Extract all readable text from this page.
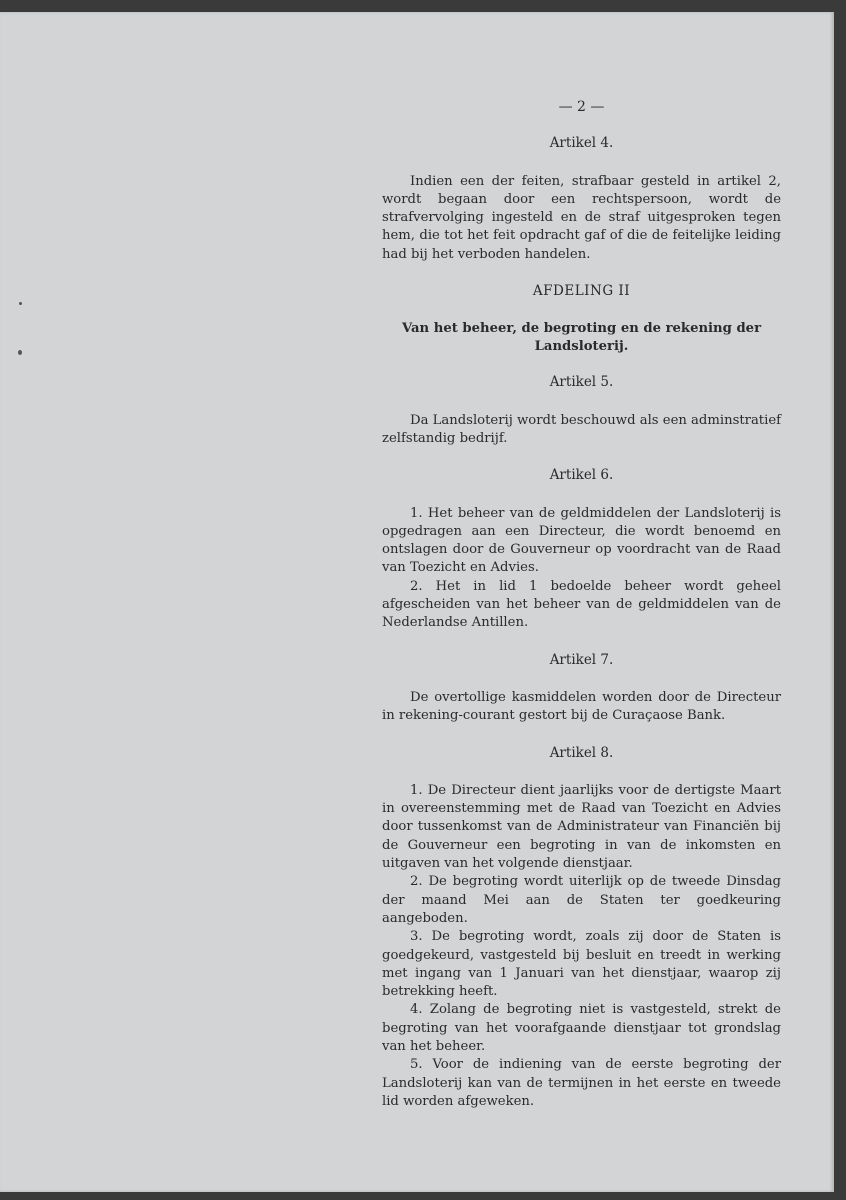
— 2 —
Artikel 4.

Indien een der feiten, strafbaar gesteld in artikel 2, wordt begaan door een rechtspersoon, wordt de strafvervolging ingesteld en de straf uitgesproken tegen hem, die tot het feit opdracht gaf of die de feitelijke leiding had bij het verboden handelen.

AFDELING II
Van het beheer, de begroting en de rekening der Landsloterij.
Artikel 5.

Da Landsloterij wordt beschouwd als een adminstratief zelfstandig bedrijf.

Artikel 6.

1. Het beheer van de geldmiddelen der Landsloterij is opgedragen aan een Directeur, die wordt benoemd en ontslagen door de Gouverneur op voordracht van de Raad van Toezicht en Advies.

2. Het in lid 1 bedoelde beheer wordt geheel afgescheiden van het beheer van de geldmiddelen van de Nederlandse Antillen.

Artikel 7.

De overtollige kasmiddelen worden door de Directeur in rekening-courant gestort bij de Curaçaose Bank.

Artikel 8.

1. De Directeur dient jaarlijks voor de dertigste Maart in overeenstemming met de Raad van Toezicht en Advies door tussenkomst van de Administrateur van Financiën bij de Gouverneur een begroting in van de inkomsten en uitgaven van het volgende dienstjaar.

2. De begroting wordt uiterlijk op de tweede Dinsdag der maand Mei aan de Staten ter goedkeuring aangeboden.

3. De begroting wordt, zoals zij door de Staten is goedgekeurd, vastgesteld bij besluit en treedt in werking met ingang van 1 Januari van het dienstjaar, waarop zij betrekking heeft.

4. Zolang de begroting niet is vastgesteld, strekt de begroting van het voorafgaande dienstjaar tot grondslag van het beheer.

5. Voor de indiening van de eerste begroting der Landsloterij kan van de termijnen in het eerste en tweede lid worden afgeweken.
